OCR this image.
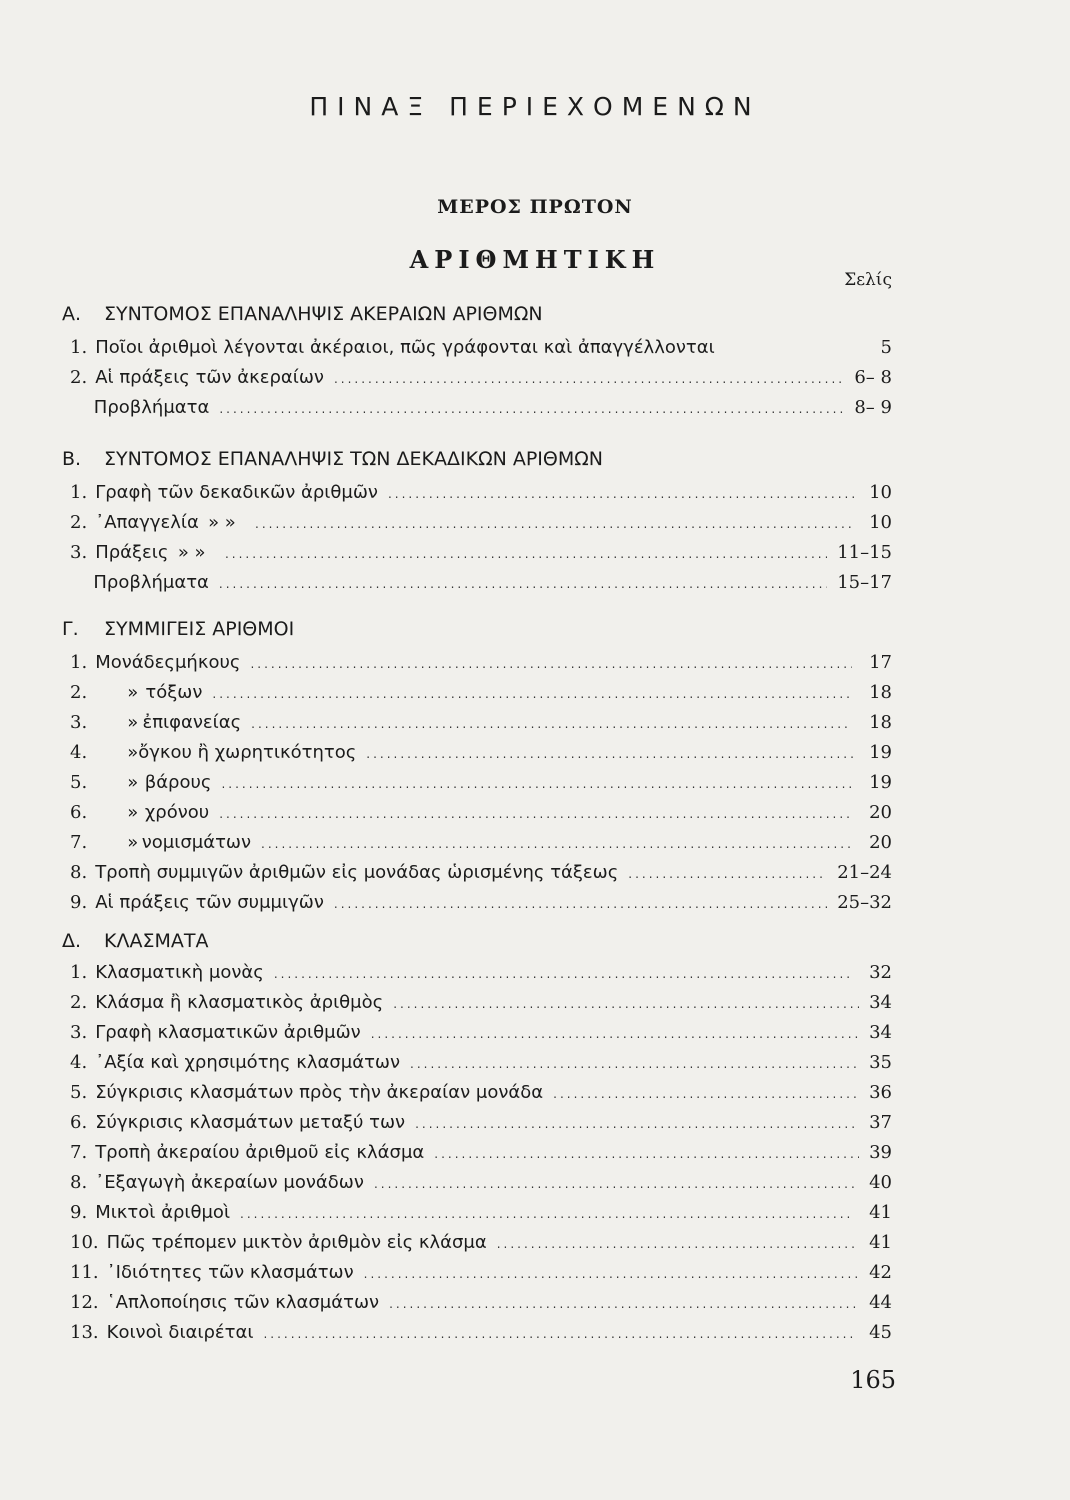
ΠΙΝΑΞ ΠΕΡΙΕΧΟΜΕΝΩΝ
ΜΕΡΟΣ ΠΡΩΤΟΝ
ΑΡΙΘΜΗΤΙΚΗ
Σελίς
Α. ΣΥΝΤΟΜΟΣ ΕΠΑΝΑΛΗΨΙΣ ΑΚΕΡΑΙΩΝ ΑΡΙΘΜΩΝ
1. Ποῖοι ἀριθμοὶ λέγονται ἀκέραιοι, πῶς γράφονται καὶ ἀπαγγέλλονται	5
2. Αἱ πράξεις τῶν ἀκεραίων .....	6– 8
Προβλήματα .....	8– 9
Β. ΣΥΝΤΟΜΟΣ ΕΠΑΝΑΛΗΨΙΣ ΤΩΝ ΔΕΚΑΔΙΚΩΝ ΑΡΙΘΜΩΝ
1. Γραφὴ τῶν δεκαδικῶν ἀριθμῶν .....	10
2. ᾿Απαγγελία » » .....	10
3. Πράξεις » » .....	11–15
Προβλήματα .....	15–17
Γ. ΣΥΜΜΙΓΕΙΣ ΑΡΙΘΜΟΙ
1. Μονάδες μήκους .....	17
2.	» τόξων .....	18
3.	» ἐπιφανείας .....	18
4.	» ὄγκου ἢ χωρητικότητος .....	19
5.	» βάρους .....	19
6.	» χρόνου .....	20
7.	» νομισμάτων .....	20
8. Τροπὴ συμμιγῶν ἀριθμῶν εἰς μονάδας ὡρισμένης τάξεως .....	21–24
9. Αἱ πράξεις τῶν συμμιγῶν .....	25–32
Δ. ΚΛΑΣΜΑΤΑ
1. Κλασματικὴ μονὰς .....	32
2. Κλάσμα ἢ κλασματικὸς ἀριθμὸς .....	34
3. Γραφὴ κλασματικῶν ἀριθμῶν .....	34
4. ᾿Αξία καὶ χρησιμότης κλασμάτων .....	35
5. Σύγκρισις κλασμάτων πρὸς τὴν ἀκεραίαν μονάδα .....	36
6. Σύγκρισις κλασμάτων μεταξύ των .....	37
7. Τροπὴ ἀκεραίου ἀριθμοῦ εἰς κλάσμα .....	39
8. ᾿Εξαγωγὴ ἀκεραίων μονάδων .....	40
9. Μικτοὶ ἀριθμοὶ .....	41
10. Πῶς τρέπομεν μικτὸν ἀριθμὸν εἰς κλάσμα .....	41
11. ᾿Ιδιότητες τῶν κλασμάτων .....	42
12. ῾Απλοποίησις τῶν κλασμάτων .....	44
13. Κοινοὶ διαιρέται .....	45
165
